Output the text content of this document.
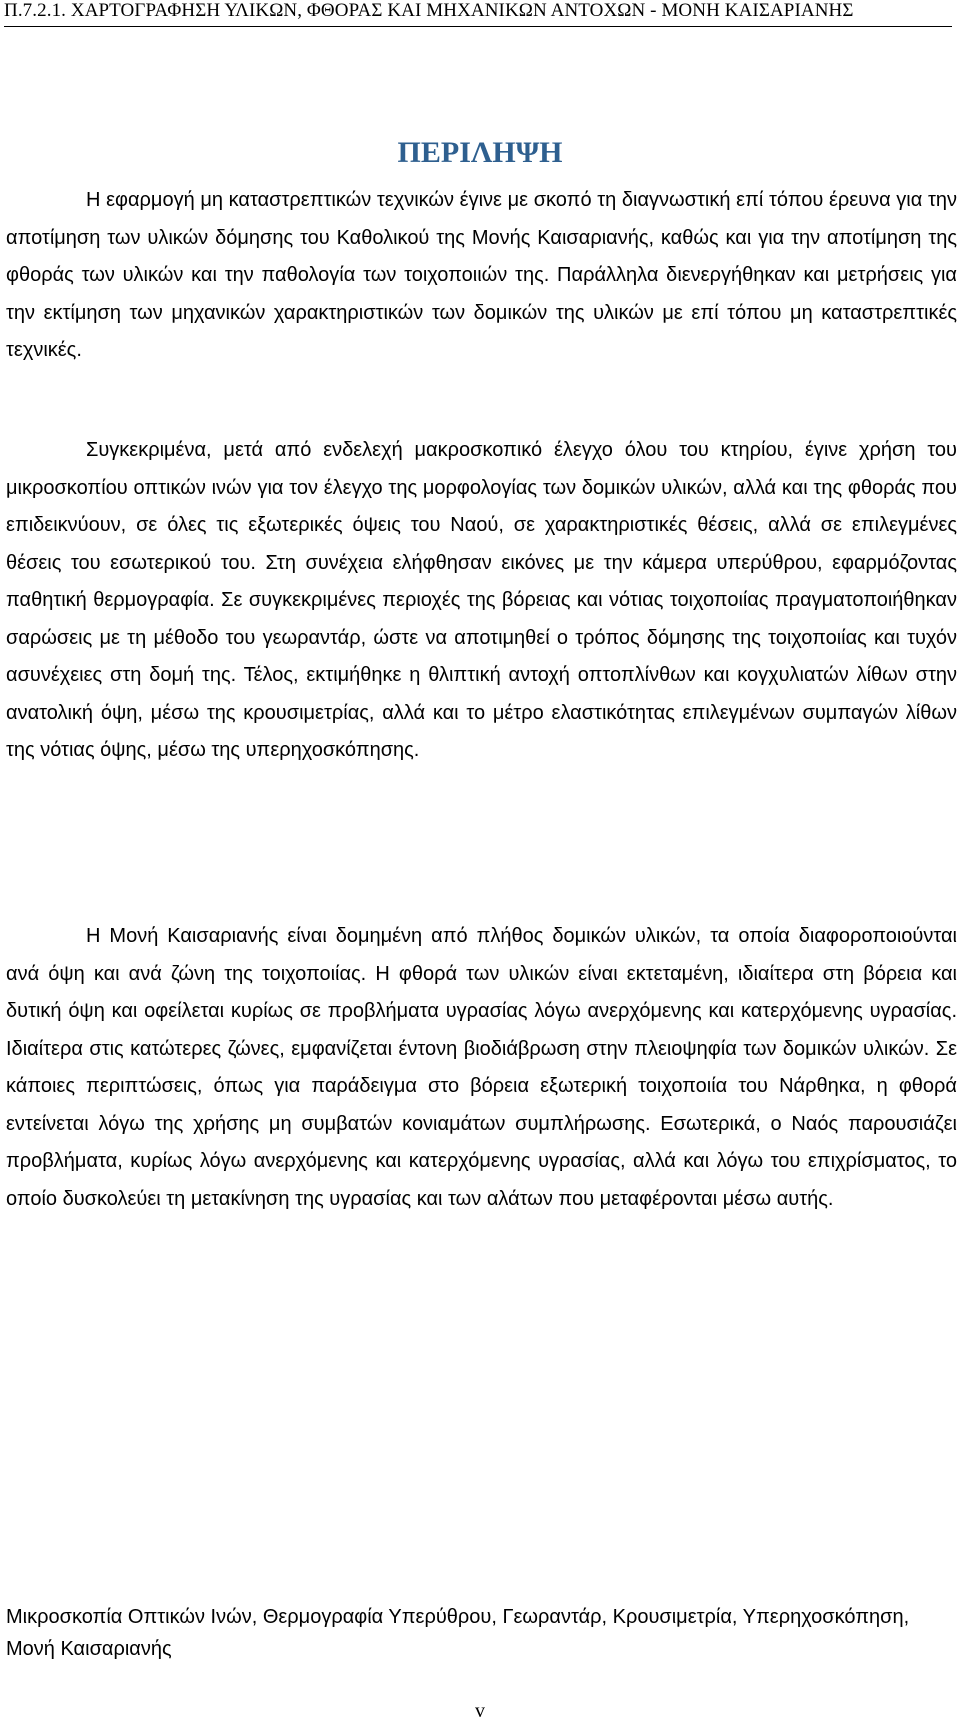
Π.7.2.1. ΧΑΡΤΟΓΡΑΦΗΣΗ ΥΛΙΚΩΝ, ΦΘΟΡΑΣ ΚΑΙ ΜΗΧΑΝΙΚΩΝ ΑΝΤΟΧΩΝ - ΜΟΝΗ ΚΑΙΣΑΡΙΑΝΗΣ
ΠΕΡΙΛΗΨΗ

Η εφαρμογή μη καταστρεπτικών τεχνικών έγινε με σκοπό τη διαγνωστική επί τόπου έρευνα για την αποτίμηση των υλικών δόμησης του Καθολικού της Μονής Καισαριανής, καθώς και για την αποτίμηση της φθοράς των υλικών και την παθολογία των τοιχοποιιών της. Παράλληλα διενεργήθηκαν και μετρήσεις για την εκτίμηση των μηχανικών χαρακτηριστικών των δομικών της υλικών με επί τόπου μη καταστρεπτικές τεχνικές.

Συγκεκριμένα, μετά από ενδελεχή μακροσκοπικό έλεγχο όλου του κτηρίου, έγινε χρήση του μικροσκοπίου οπτικών ινών για τον έλεγχο της μορφολογίας των δομικών υλικών, αλλά και της φθοράς που επιδεικνύουν, σε όλες τις εξωτερικές όψεις του Ναού, σε χαρακτηριστικές θέσεις, αλλά σε επιλεγμένες θέσεις του εσωτερικού του. Στη συνέχεια ελήφθησαν εικόνες με την κάμερα υπερύθρου, εφαρμόζοντας παθητική θερμογραφία. Σε συγκεκριμένες περιοχές της βόρειας και νότιας τοιχοποιίας πραγματοποιήθηκαν σαρώσεις με τη μέθοδο του γεωραντάρ, ώστε να αποτιμηθεί ο τρόπος δόμησης της τοιχοποιίας και τυχόν ασυνέχειες στη δομή της. Τέλος, εκτιμήθηκε η θλιπτική αντοχή οπτοπλίνθων και κογχυλιατών λίθων στην ανατολική όψη, μέσω της κρουσιμετρίας, αλλά και το μέτρο ελαστικότητας επιλεγμένων συμπαγών λίθων της νότιας όψης, μέσω της υπερηχοσκόπησης.

Η Μονή Καισαριανής είναι δομημένη από πλήθος δομικών υλικών, τα οποία διαφοροποιούνται ανά όψη και ανά ζώνη της τοιχοποιίας. Η φθορά των υλικών είναι εκτεταμένη, ιδιαίτερα στη βόρεια και δυτική όψη και οφείλεται κυρίως σε προβλήματα υγρασίας λόγω ανερχόμενης και κατερχόμενης υγρασίας. Ιδιαίτερα στις κατώτερες ζώνες, εμφανίζεται έντονη βιοδιάβρωση στην πλειοψηφία των δομικών υλικών. Σε κάποιες περιπτώσεις, όπως για παράδειγμα στο βόρεια εξωτερική τοιχοποιία του Νάρθηκα, η φθορά εντείνεται λόγω της χρήσης μη συμβατών κονιαμάτων συμπλήρωσης. Εσωτερικά, ο Ναός παρουσιάζει προβλήματα, κυρίως λόγω ανερχόμενης και κατερχόμενης υγρασίας, αλλά και λόγω του επιχρίσματος, το οποίο δυσκολεύει τη μετακίνηση της υγρασίας και των αλάτων που μεταφέρονται μέσω αυτής.

Μικροσκοπία Οπτικών Ινών, Θερμογραφία Υπερύθρου, Γεωραντάρ, Κρουσιμετρία, Υπερηχοσκόπηση, Μονή Καισαριανής
v
